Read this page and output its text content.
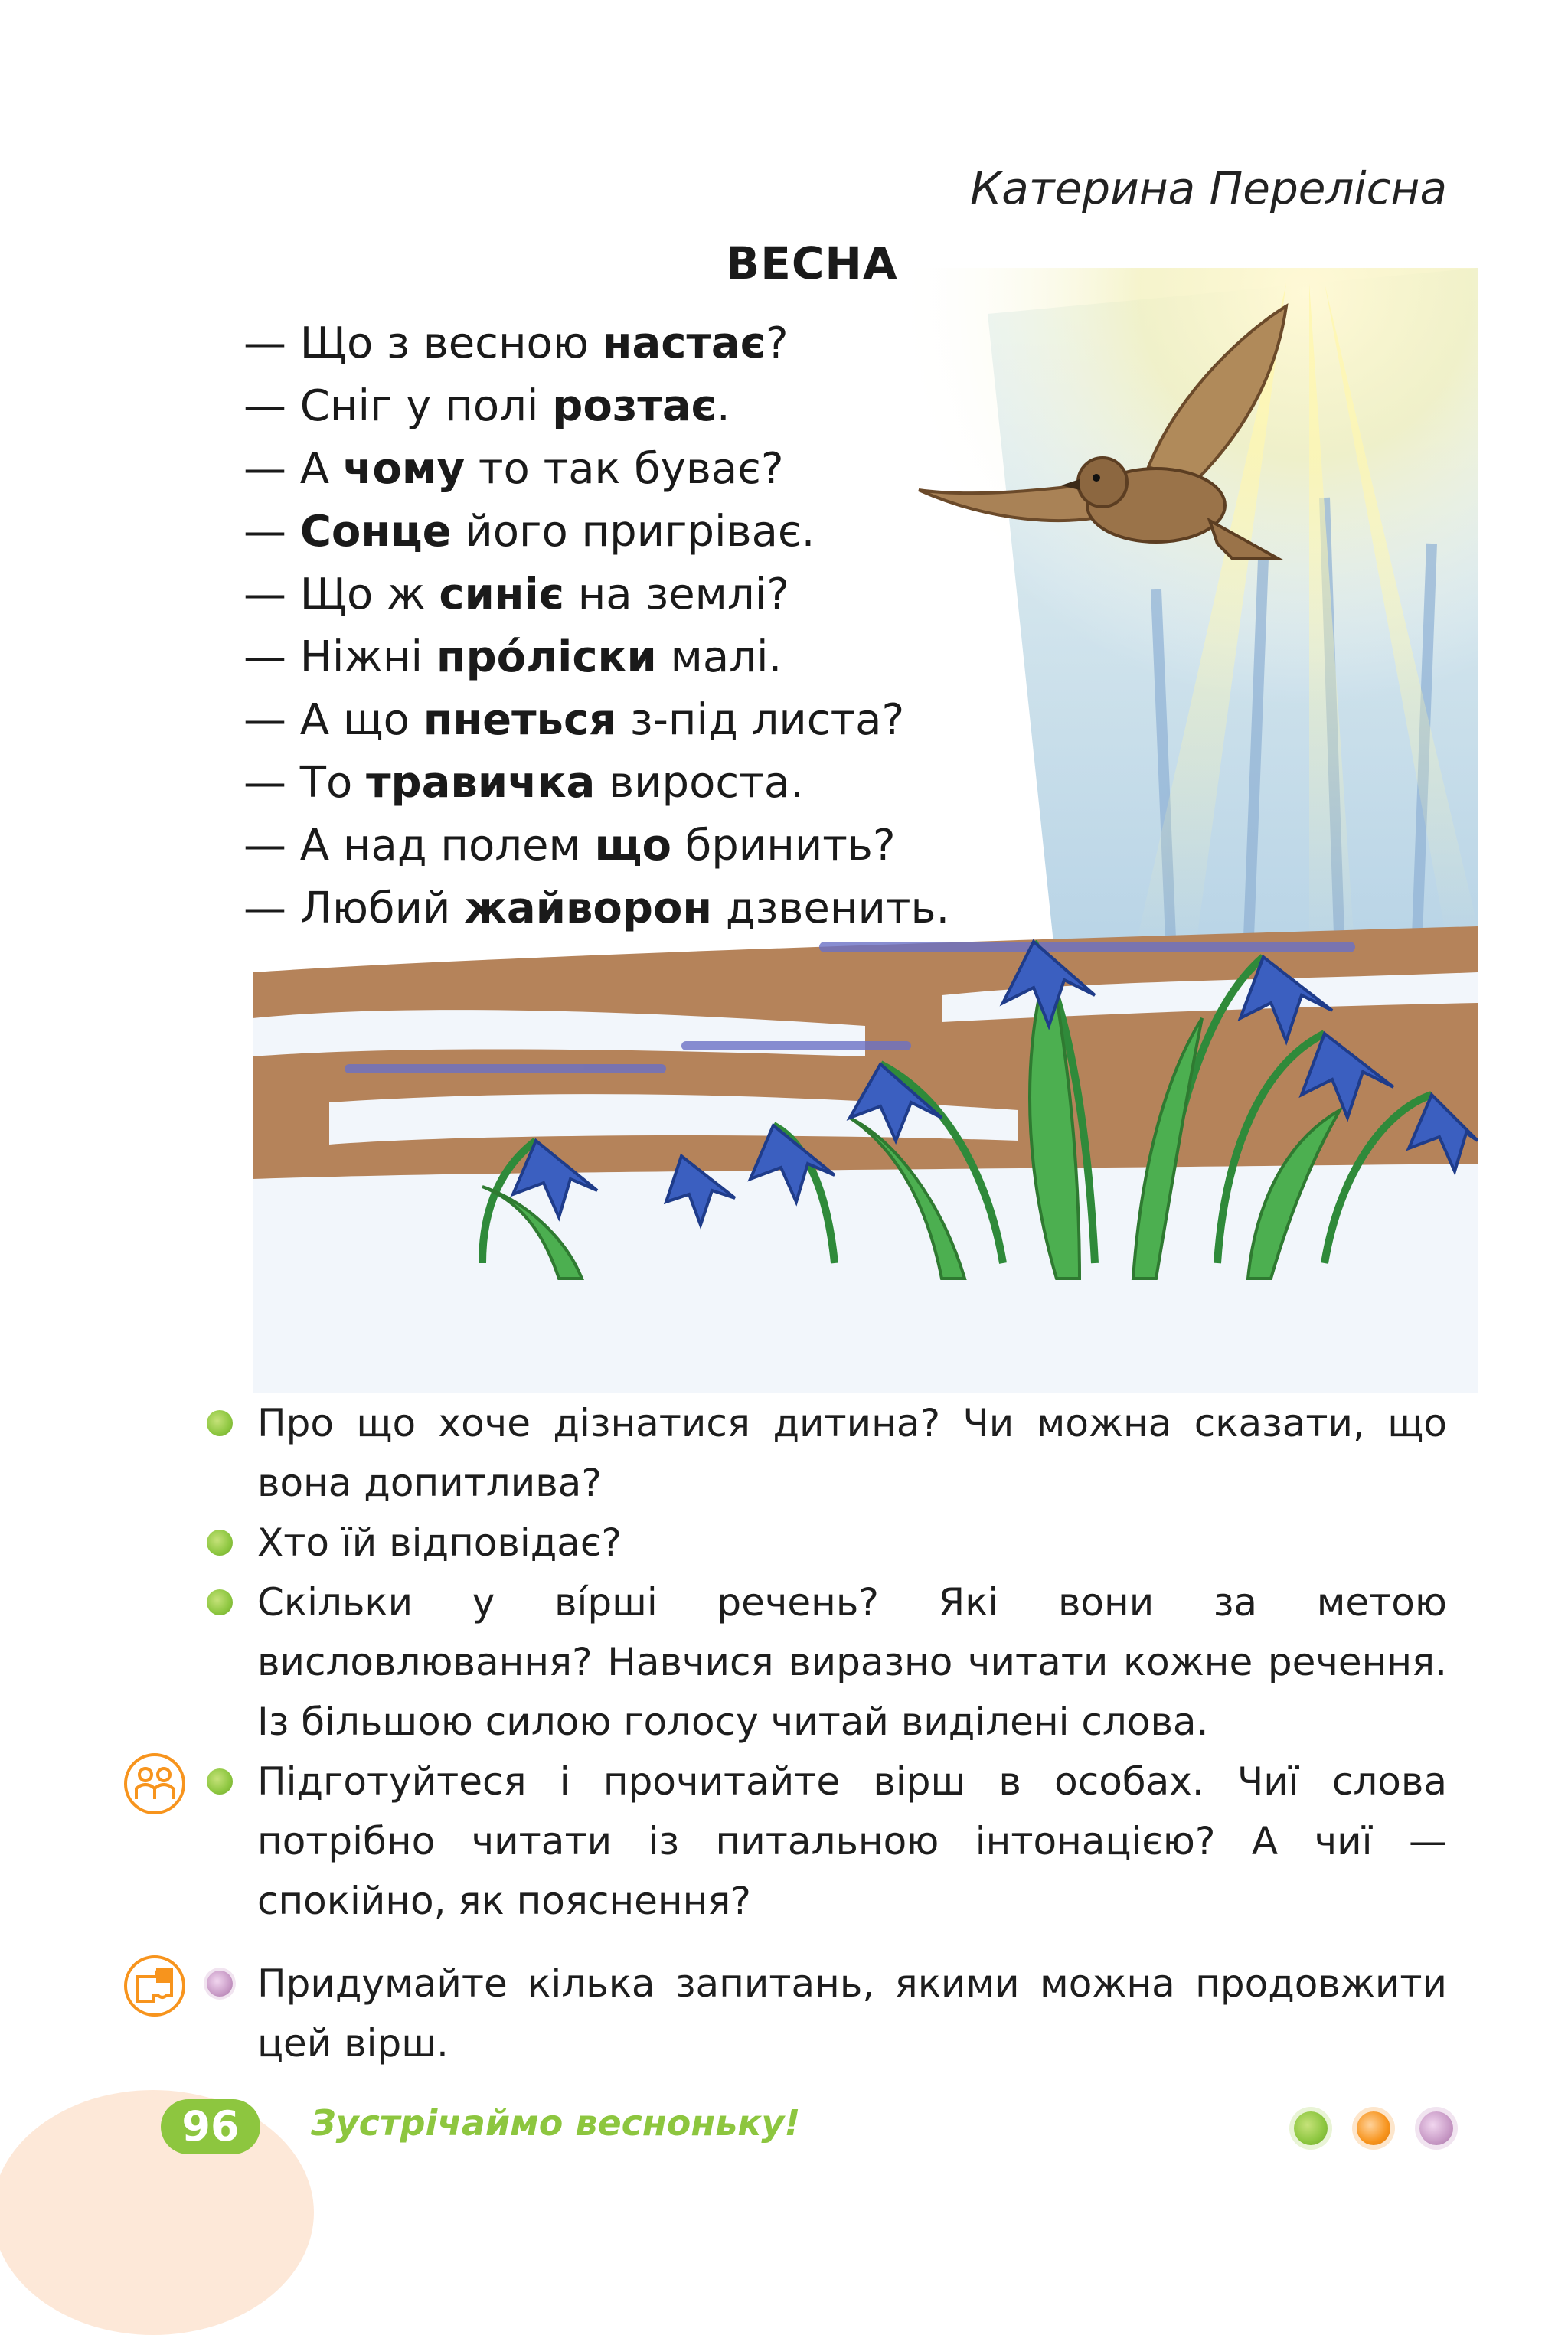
Катерина Перелісна
ВЕСНА
— Що з весною настає?
— Сніг у полі розтає.
— А чому то так буває?
— Сонце його пригріває.
— Що ж синіє на землі?
— Ніжні про́ліски малі.
— А що пнеться з-під листа?
— То травичка вироста.
— А над полем що бринить?
— Любий жайворон дзвенить.
Про що хоче дізнатися дитина? Чи можна сказати, що вона допитлива?
Хто їй відповідає?
Скільки у ві́рші речень? Які вони за метою висловлювання? Навчися виразно читати кожне речення. Із більшою силою голосу читай виділені слова.
Підготуйтеся і прочитайте вірш в особах. Чиї слова потрібно читати із питальною інтонацією? А чиї — спокійно, як пояснення?
Придумайте кілька запитань, якими можна продовжити цей вірш.
96	Зустрічаймо весноньку!
